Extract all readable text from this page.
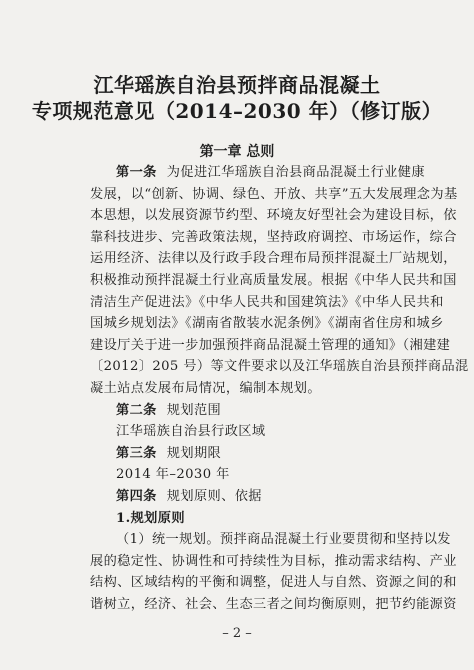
江华瑶族自治县预拌商品混凝土
专项规范意见（2014–2030 年）（修订版）
第一章 总则
第一条 为促进江华瑶族自治县商品混凝土行业健康
发展，以“创新、协调、绿色、开放、共享”五大发展理念为基
本思想，以发展资源节约型、环境友好型社会为建设目标，依
靠科技进步、完善政策法规，坚持政府调控、市场运作，综合
运用经济、法律以及行政手段合理布局预拌混凝土厂站规划，
积极推动预拌混凝土行业高质量发展。根据《中华人民共和国
清洁生产促进法》《中华人民共和国建筑法》《中华人民共和
国城乡规划法》《湖南省散装水泥条例》《湖南省住房和城乡
建设厅关于进一步加强预拌商品混凝土管理的通知》（湘建建
〔2012〕205 号）等文件要求以及江华瑶族自治县预拌商品混
凝土站点发展布局情况，编制本规划。
第二条 规划范围
江华瑶族自治县行政区域
第三条 规划期限
2014 年–2030 年
第四条 规划原则、依据
1.规划原则
（1）统一规划。预拌商品混凝土行业要贯彻和坚持以发
展的稳定性、协调性和可持续性为目标，推动需求结构、产业
结构、区域结构的平衡和调整，促进人与自然、资源之间的和
谐树立，经济、社会、生态三者之间均衡原则，把节约能源资
– 2 –
